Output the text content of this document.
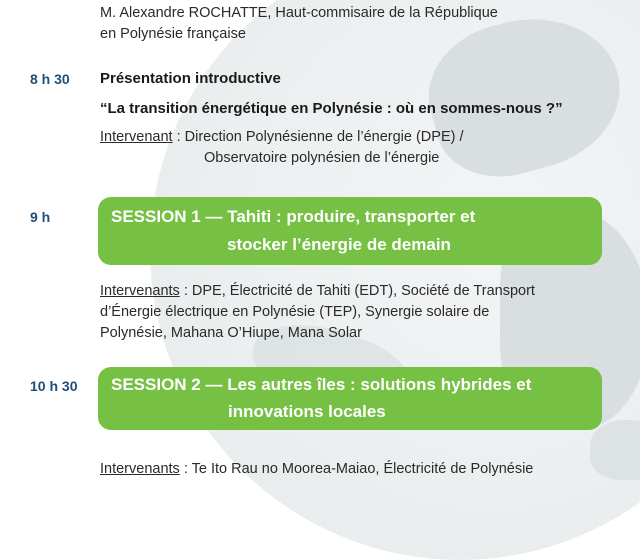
M. Alexandre ROCHATTE, Haut-commisaire de la République
en Polynésie française
8 h 30 Présentation introductive
“La transition énergétique en Polynésie : où en sommes-nous ?”
Intervenant : Direction Polynésienne de l’énergie (DPE) /
Observatoire polynésien de l’énergie
9 h	SESSION 1 — Tahiti : produire, transporter et
stocker l’énergie de demain
Intervenants : DPE, Électricité de Tahiti (EDT), Société de Transport
d’Énergie électrique en Polynésie (TEP), Synergie solaire de
Polynésie, Mahana O’Hiupe, Mana Solar
10 h 30 SESSION 2 — Les autres îles : solutions hybrides et
innovations locales
Intervenants : Te Ito Rau no Moorea-Maiao, Électricité de Polynésie
